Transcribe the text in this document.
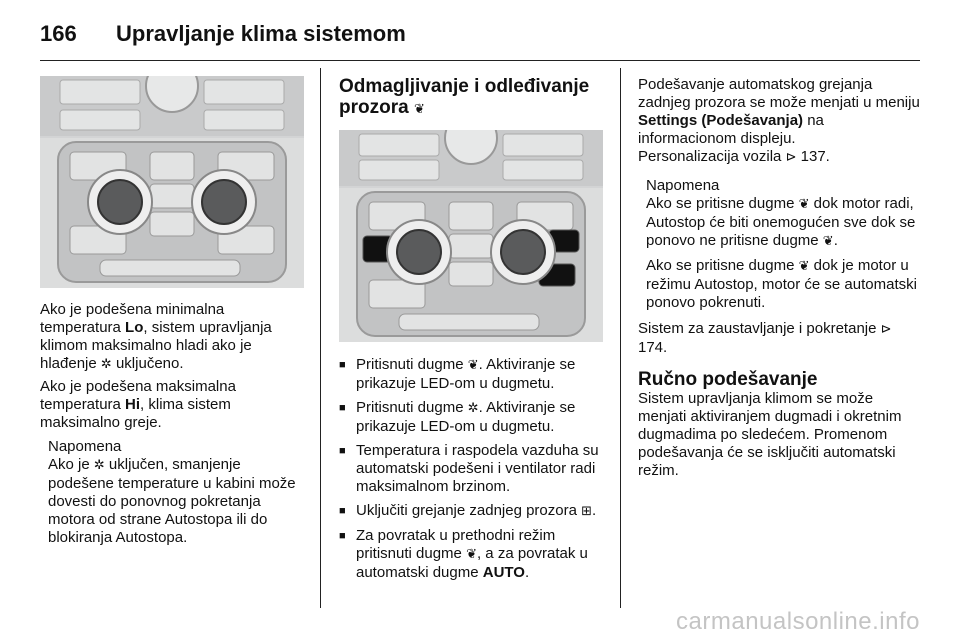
166	Upravljanje klima sistemom

Ako je podešena minimalna temperatura Lo, sistem upravljanja klimom maksimalno hladi ako je hlađenje ✲ uključeno.

Ako je podešena maksimalna temperatura Hi, klima sistem maksimalno greje.

Napomena
Ako je ✲ uključen, smanjenje podešene temperature u kabini može dovesti do ponovnog pokretanja motora od strane Autostopa ili do blokiranja Autostopa.
Odmagljivanje i odleđivanje prozora ❦
■ Pritisnuti dugme ❦. Aktiviranje se prikazuje LED-om u dugmetu.
■ Pritisnuti dugme ✲. Aktiviranje se prikazuje LED-om u dugmetu.
■ Temperatura i raspodela vazduha su automatski podešeni i ventilator radi maksimalnom brzinom.
■ Uključiti grejanje zadnjeg prozora ⊞.
■ Za povratak u prethodni režim pritisnuti dugme ❦, a za povratak u automatski dugme AUTO.

Podešavanje automatskog grejanja zadnjeg prozora se može menjati u meniju Settings (Podešavanja) na informacionom displeju.
Personalizacija vozila ⊳ 137.

Napomena

Ako se pritisne dugme ❦ dok motor radi, Autostop će biti onemogućen sve dok se ponovo ne pritisne dugme ❦.

Ako se pritisne dugme ❦ dok je motor u režimu Autostop, motor će se automatski ponovo pokrenuti.

Sistem za zaustavljanje i pokretanje ⊳ 174.

Ručno podešavanje

Sistem upravljanja klimom se može menjati aktiviranjem dugmadi i okretnim dugmadima po sledećem. Promenom podešavanja će se isključiti automatski režim.

carmanualsonline.info
